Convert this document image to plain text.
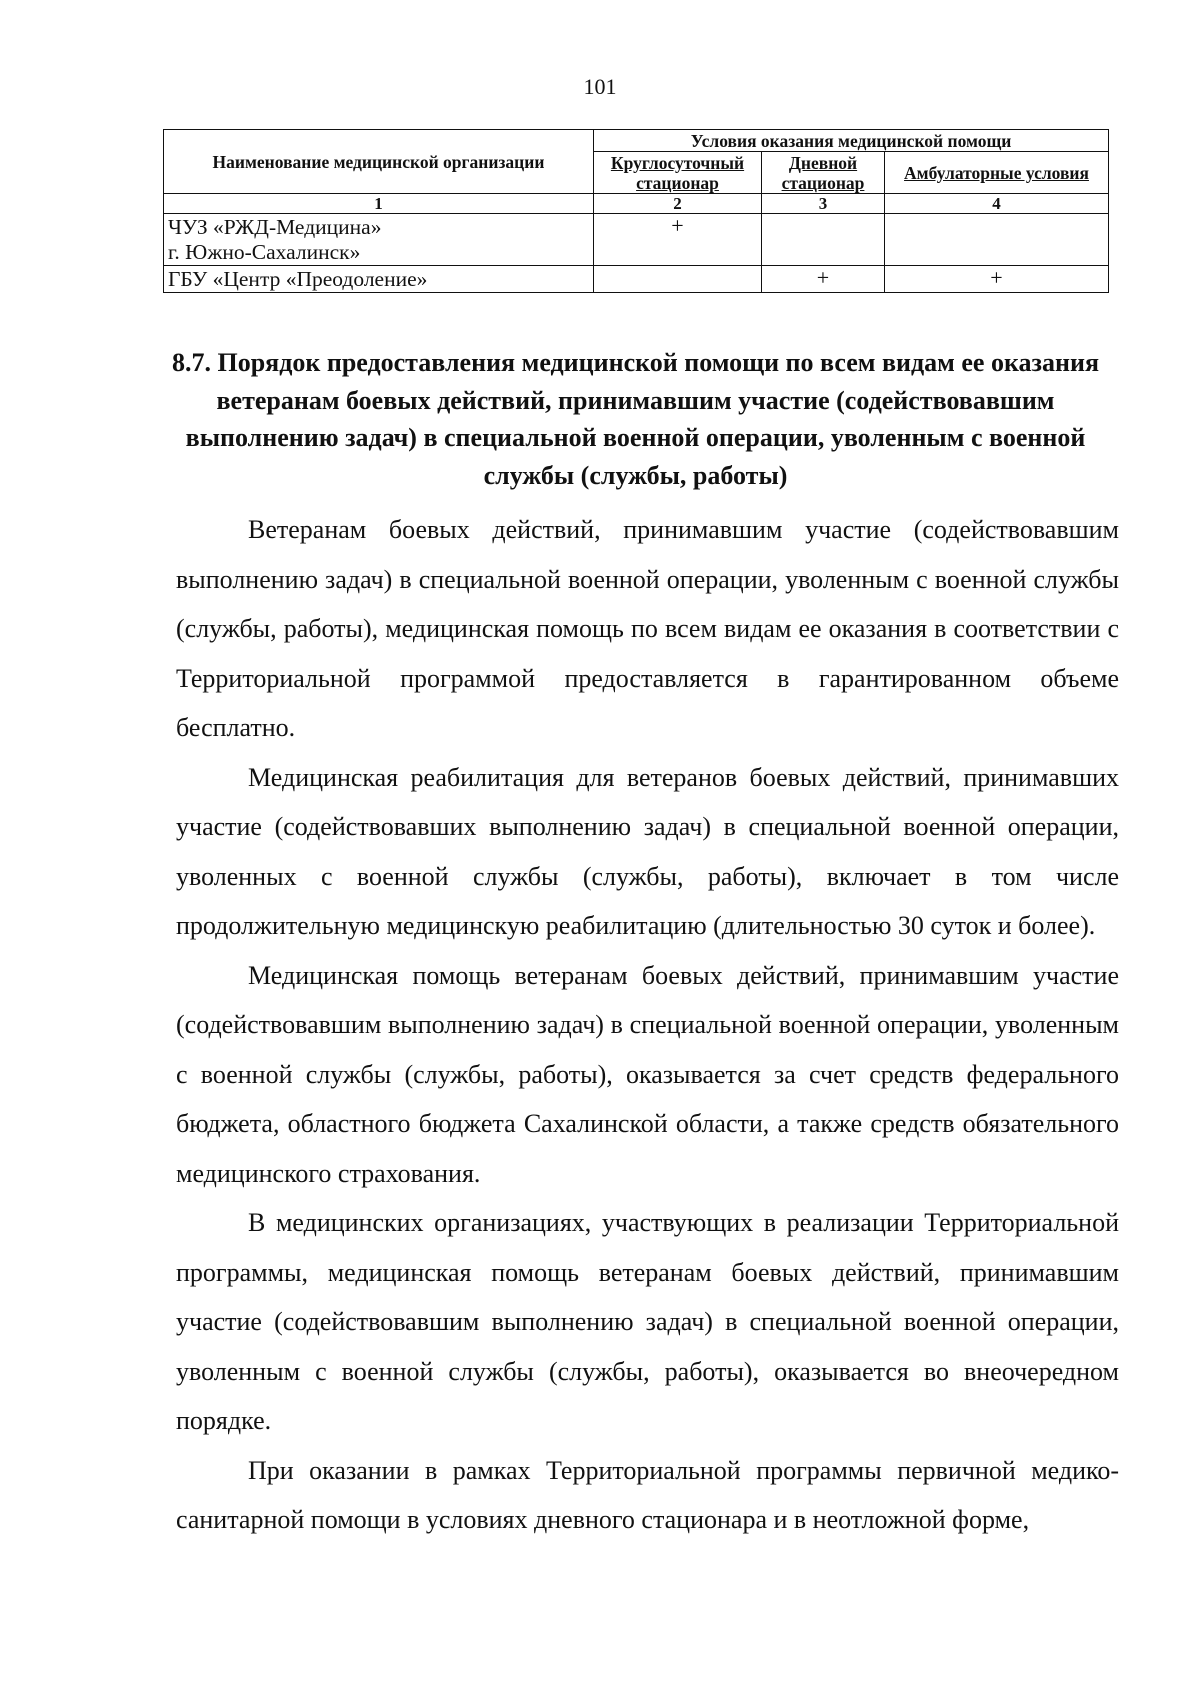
101
Наименование медицинской организации	Условия оказания медицинской помощи		
	Круглосуточный стационар	Дневной стационар	Амбулаторные условия
1	2	3	4
ЧУЗ «РЖД-Медицина»
г. Южно-Сахалинск»	+		
ГБУ «Центр «Преодоление»		+	+
8.7. Порядок предоставления медицинской помощи по всем видам ее оказания ветеранам боевых действий, принимавшим участие (содействовавшим выполнению задач) в специальной военной операции, уволенным с военной службы (службы, работы)

Ветеранам боевых действий, принимавшим участие (содействовавшим выполнению задач) в специальной военной операции, уволенным с военной службы (службы, работы), медицинская помощь по всем видам ее оказания в соответствии с Территориальной программой предоставляется в гарантированном объеме бесплатно.

Медицинская реабилитация для ветеранов боевых действий, принимавших участие (содействовавших выполнению задач) в специальной военной операции, уволенных с военной службы (службы, работы), включает в том числе продолжительную медицинскую реабилитацию (длительностью 30 суток и более).

Медицинская помощь ветеранам боевых действий, принимавшим участие (содействовавшим выполнению задач) в специальной военной операции, уволенным с военной службы (службы, работы), оказывается за счет средств федерального бюджета, областного бюджета Сахалинской области, а также средств обязательного медицинского страхования.

В медицинских организациях, участвующих в реализации Территориальной программы, медицинская помощь ветеранам боевых действий, принимавшим участие (содействовавшим выполнению задач) в специальной военной операции, уволенным с военной службы (службы, работы), оказывается во внеочередном порядке.

При оказании в рамках Территориальной программы первичной медико-санитарной помощи в условиях дневного стационара и в неотложной форме,
